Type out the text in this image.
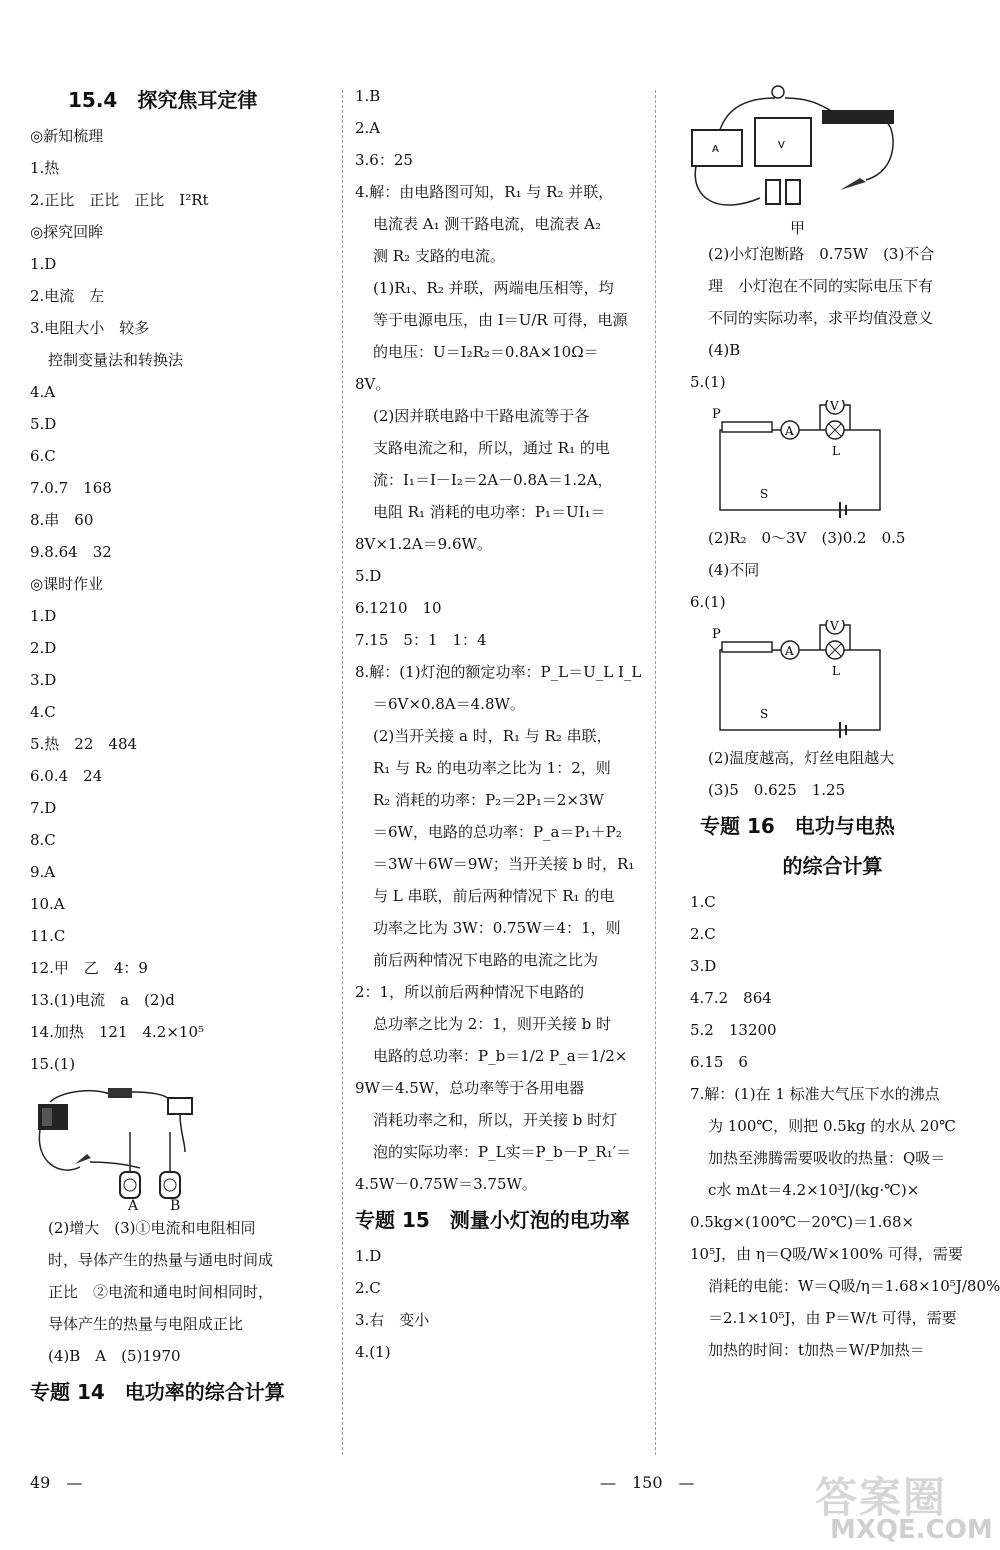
15.4　探究焦耳定律
◎新知梳理
1.热
2.正比　正比　正比　I²Rt
◎探究回眸
1.D
2.电流　左
3.电阻大小　较多
控制变量法和转换法
4.A
5.D
6.C
7.0.7　168
8.串　60
9.8.64　32
◎课时作业
1.D
2.D
3.D
4.C
5.热　22　484
6.0.4　24
7.D
8.C
9.A
10.A
11.C
12.甲　乙　4：9
13.(1)电流　a　(2)d
14.加热　121　4.2×10⁵
15.(1)
A B
(2)增大　(3)①电流和电阻相同
时，导体产生的热量与通电时间成
正比　②电流和通电时间相同时，
导体产生的热量与电阻成正比
(4)B　A　(5)1970
专题 14　电功率的综合计算
1.B
2.A
3.6：25
4.解：由电路图可知，R₁ 与 R₂ 并联，
电流表 A₁ 测干路电流，电流表 A₂
测 R₂ 支路的电流。
(1)R₁、R₂ 并联，两端电压相等，均
等于电源电压，由 I＝U/R 可得，电源
的电压：U＝I₂R₂＝0.8A×10Ω＝
8V。
(2)因并联电路中干路电流等于各
支路电流之和，所以，通过 R₁ 的电
流：I₁＝I－I₂＝2A－0.8A＝1.2A，
电阻 R₁ 消耗的电功率：P₁＝UI₁＝
8V×1.2A＝9.6W。
5.D
6.1210　10
7.15　5：1　1：4
8.解：(1)灯泡的额定功率：P_L＝U_L I_L
＝6V×0.8A＝4.8W。
(2)当开关接 a 时，R₁ 与 R₂ 串联，
R₁ 与 R₂ 的电功率之比为 1：2，则
R₂ 消耗的功率：P₂＝2P₁＝2×3W
＝6W，电路的总功率：P_a＝P₁＋P₂
＝3W＋6W＝9W；当开关接 b 时，R₁
与 L 串联，前后两种情况下 R₁ 的电
功率之比为 3W：0.75W＝4：1，则
前后两种情况下电路的电流之比为
2：1，所以前后两种情况下电路的
总功率之比为 2：1，则开关接 b 时
电路的总功率：P_b＝1/2 P_a＝1/2×
9W＝4.5W，总功率等于各用电器
消耗功率之和，所以，开关接 b 时灯
泡的实际功率：P_L实＝P_b－P_R₁′＝
4.5W－0.75W＝3.75W。
专题 15　测量小灯泡的电功率
1.D
2.C
3.右　变小
4.(1)
A	V
甲
(2)小灯泡断路　0.75W　(3)不合
理　小灯泡在不同的实际电压下有
不同的实际功率，求平均值没意义
(4)B
5.(1)
P
A
L
V
S
(2)R₂　0～3V　(3)0.2　0.5
(4)不同
6.(1)
P
A
L
V
S
(2)温度越高，灯丝电阻越大
(3)5　0.625　1.25
专题 16　电功与电热
的综合计算
1.C
2.C
3.D
4.7.2　864
5.2　13200
6.15　6
7.解：(1)在 1 标准大气压下水的沸点
为 100℃，则把 0.5kg 的水从 20℃
加热至沸腾需要吸收的热量：Q吸＝
c水 mΔt＝4.2×10³J/(kg·℃)×
0.5kg×(100℃－20℃)＝1.68×
10⁵J，由 η＝Q吸/W×100% 可得，需要
消耗的电能：W＝Q吸/η＝1.68×10⁵J/80%
＝2.1×10⁵J，由 P＝W/t 可得，需要
加热的时间：t加热＝W/P加热＝
49　—	—　150　—	答案圈
MXQE.COM
